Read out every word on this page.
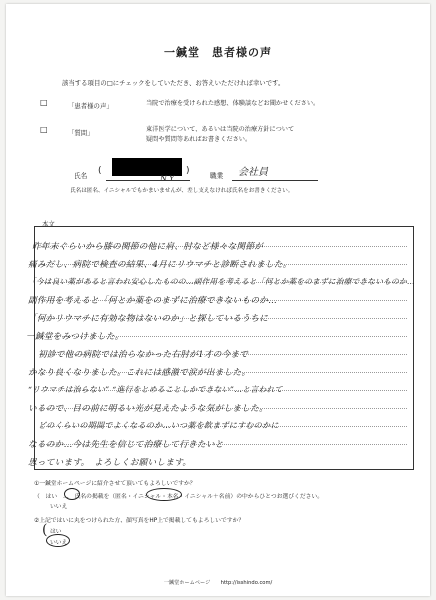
一鍼堂　患者様の声
該当する項目の□にチェックをしていただき、お答えいただければ幸いです。
□	「患者様の声」	当院で治療を受けられた感想、体験談などお聞かせください。
□	「質問」	東洋医学について、あるいは当院の治療方針について
疑問や質問等あればお書きください。
氏名 (
N.Y
)	職業 会社員
氏名は匿名、イニシャルでもかまいませんが、差し支えなければ氏名をお書きください。
本文
昨年末ぐらいから膝の関節の他に肩、肘など様々な関節が
痛みだし、病院で検査の結果、4月にリウマチと診断されました。
「今は良い薬があると言われ安心したものの…副作用を考えると「何とか薬をのまずに治療できないものか…
副作用を考えると「何とか薬をのまずに治療できないものか…
「何かリウマチに有効な物はないのか」と探しているうちに
一鍼堂をみつけました。
初診で他の病院では治らなかった右肘が1才の今まで
かなり良くなりました。これには感激で涙が出ました。
“リウマチは治らない” “進行をとめることしかできない”…と言われて
いるので、目の前に明るい光が見えたような気がしました。
どのくらいの期間でよくなるのか…いつ薬を飲まずにすむのかに
なるのか…今は先生を信じて治療して行きたいと
思っています。　よろしくお願いします。
①一鍼堂ホームページに紹介させて頂いてもよろしいですか？
（　はい　…　氏名の掲載を（匿名・イニシャル・本名・イニシャル＋名前）の中からひとつお選びください。
いいえ
②上記ではいに丸をつけられた方、顔写真をHP上で掲載してもよろしいですか？
( はい
いいえ
一鍼堂ホームページ　　http://isshindo.com/
